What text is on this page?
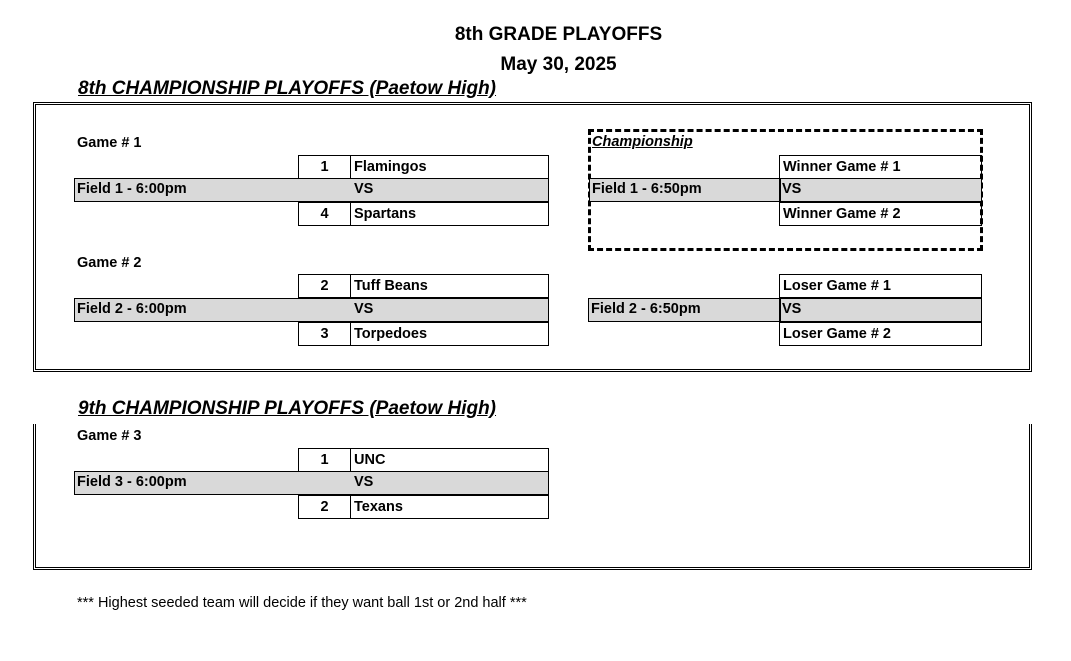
8th GRADE PLAYOFFS
May 30, 2025
8th CHAMPIONSHIP PLAYOFFS (Paetow High)
Game # 1
1	Flamingos
Field 1 - 6:00pm	VS
4	Spartans
Game # 2
2	Tuff Beans
Field 2 - 6:00pm	VS
3	Torpedoes
Championship
Winner Game # 1
Field 1 - 6:50pm	VS
Winner Game # 2
Loser Game # 1
Field 2 - 6:50pm	VS
Loser Game # 2
9th CHAMPIONSHIP PLAYOFFS (Paetow High)
Game # 3
1	UNC
Field 3 - 6:00pm	VS
2	Texans
*** Highest seeded team will decide if they want ball 1st or 2nd half ***
